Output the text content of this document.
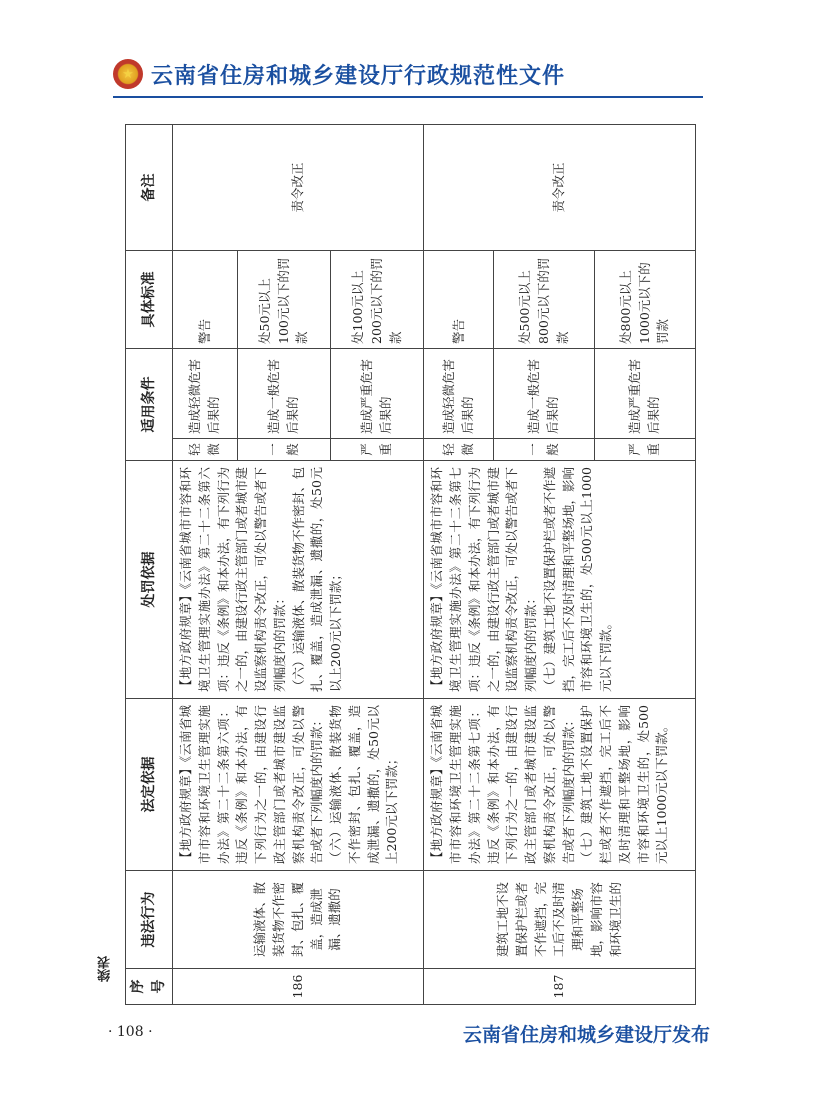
★ 云南省住房和城乡建设厅行政规范性文件
续表
序号	违法行为	法定依据	处罚依据	适用条件		具体标准	备注
186	运输液体、散装货物不作密封、包扎、覆盖，造成泄漏、遗撒的	【地方政府规章】《云南省城市市容和环境卫生管理实施办法》第二十二条第六项：违反《条例》和本办法，有下列行为之一的，由建设行政主管部门或者城市建设监察机构责令改正，可处以警告或者下列幅度内的罚款： （六）运输液体、散装货物不作密封、包扎、覆盖，造成泄漏、遗撒的，处50元以上200元以下罚款；	【地方政府规章】《云南省城市市容和环境卫生管理实施办法》第二十二条第六项：违反《条例》和本办法，有下列行为之一的，由建设行政主管部门或者城市建设监察机构责令改正，可处以警告或者下列幅度内的罚款： （六）运输液体、散装货物不作密封、包扎、覆盖，造成泄漏、遗撒的，处50元以上200元以下罚款；	轻微	造成轻微危害后果的	警告	责令改正
				一般	造成一般危害后果的	处50元以上100元以下的罚款	
				严重	造成严重危害后果的	处100元以上200元以下的罚款	
187	建筑工地不设置保护栏或者不作遮挡，完工后不及时清理和平整场地，影响市容和环境卫生的	【地方政府规章】《云南省城市市容和环境卫生管理实施办法》第二十二条第七项：违反《条例》和本办法，有下列行为之一的，由建设行政主管部门或者城市建设监察机构责令改正，可处以警告或者下列幅度内的罚款： （七）建筑工地不设置保护栏或者不作遮挡，完工后不及时清理和平整场地，影响市容和环境卫生的，处500元以上1000元以下罚款。	【地方政府规章】《云南省城市市容和环境卫生管理实施办法》第二十二条第七项：违反《条例》和本办法，有下列行为之一的，由建设行政主管部门或者城市建设监察机构责令改正，可处以警告或者下列幅度内的罚款： （七）建筑工地不设置保护栏或者不作遮挡，完工后不及时清理和平整场地，影响市容和环境卫生的，处500元以上1000元以下罚款。	轻微	造成轻微危害后果的	警告	责令改正
				一般	造成一般危害后果的	处500元以上800元以下的罚款	
				严重	造成严重危害后果的	处800元以上1000元以下的罚款	
· 108 ·	云南省住房和城乡建设厅发布
